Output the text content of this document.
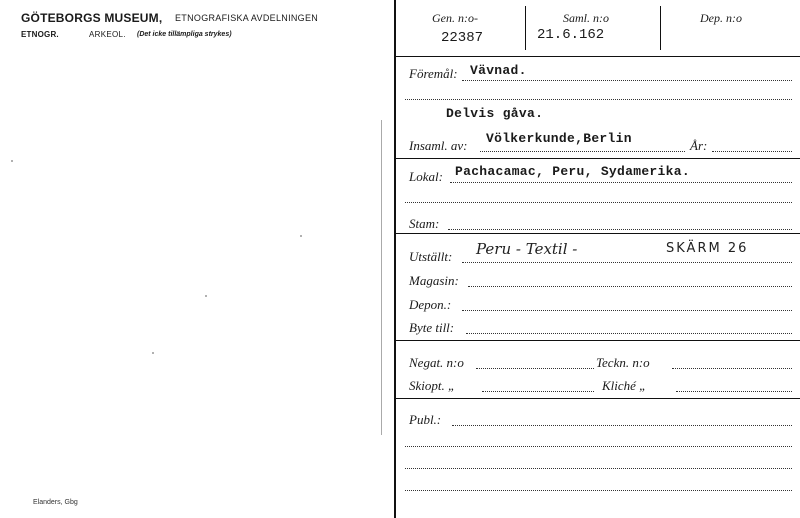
GÖTEBORGS MUSEUM, ETNOGRAFISKA AVDELNINGEN
ETNOGR.	ARKEOL. (Det icke tillämpliga strykes)
Elanders, Gbg
Gen. n:o-
22387
Saml. n:o
21.6.162
Dep. n:o
Föremål: Vävnad.
Delvis gåva.
Insaml. av: Völkerkunde,Berlin	År:
Lokal: Pachacamac, Peru, Sydamerika.
Stam:
Utställt: Peru - Textil -	SKÄRM 26
Magasin:
Depon.:
Byte till:
Negat. n:o	Teckn. n:o
Skiopt. „	Kliché „
Publ.:
